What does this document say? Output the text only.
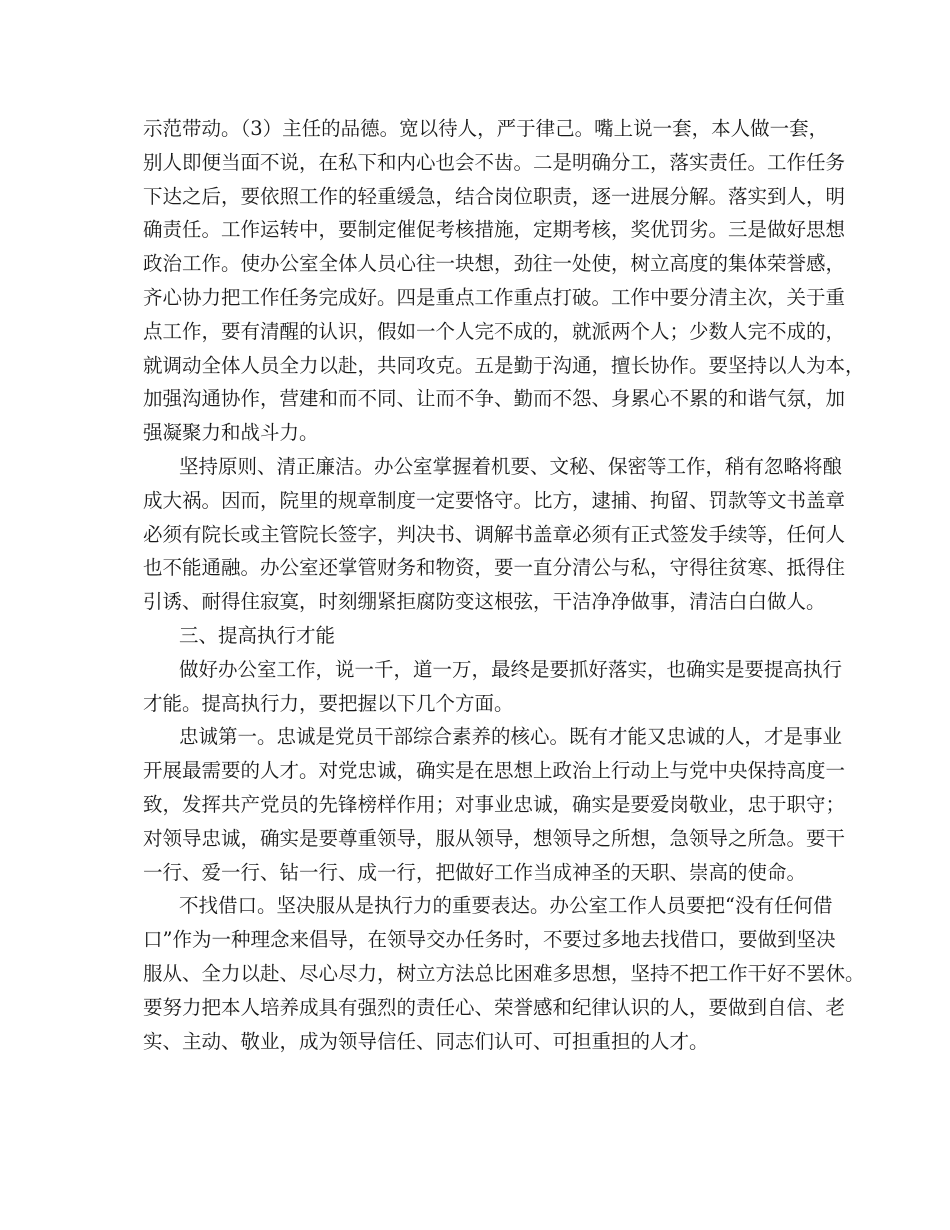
示范带动。（3）主任的品德。宽以待人，严于律己。嘴上说一套，本人做一套，
别人即便当面不说，在私下和内心也会不齿。二是明确分工，落实责任。工作任务
下达之后，要依照工作的轻重缓急，结合岗位职责，逐一进展分解。落实到人，明
确责任。工作运转中，要制定催促考核措施，定期考核，奖优罚劣。三是做好思想
政治工作。使办公室全体人员心往一块想，劲往一处使，树立高度的集体荣誉感，
齐心协力把工作任务完成好。四是重点工作重点打破。工作中要分清主次，关于重
点工作，要有清醒的认识，假如一个人完不成的，就派两个人；少数人完不成的，
就调动全体人员全力以赴，共同攻克。五是勤于沟通，擅长协作。要坚持以人为本，
加强沟通协作，营建和而不同、让而不争、勤而不怨、身累心不累的和谐气氛，加
强凝聚力和战斗力。
坚持原则、清正廉洁。办公室掌握着机要、文秘、保密等工作，稍有忽略将酿
成大祸。因而，院里的规章制度一定要恪守。比方，逮捕、拘留、罚款等文书盖章
必须有院长或主管院长签字，判决书、调解书盖章必须有正式签发手续等，任何人
也不能通融。办公室还掌管财务和物资，要一直分清公与私，守得往贫寒、抵得住
引诱、耐得住寂寞，时刻绷紧拒腐防变这根弦，干洁净净做事，清洁白白做人。
三、提高执行才能
做好办公室工作，说一千，道一万，最终是要抓好落实，也确实是要提高执行
才能。提高执行力，要把握以下几个方面。
忠诚第一。忠诚是党员干部综合素养的核心。既有才能又忠诚的人，才是事业
开展最需要的人才。对党忠诚，确实是在思想上政治上行动上与党中央保持高度一
致，发挥共产党员的先锋榜样作用；对事业忠诚，确实是要爱岗敬业，忠于职守；
对领导忠诚，确实是要尊重领导，服从领导，想领导之所想，急领导之所急。要干
一行、爱一行、钻一行、成一行，把做好工作当成神圣的天职、崇高的使命。
不找借口。坚决服从是执行力的重要表达。办公室工作人员要把“没有任何借
口”作为一种理念来倡导，在领导交办任务时，不要过多地去找借口，要做到坚决
服从、全力以赴、尽心尽力，树立方法总比困难多思想，坚持不把工作干好不罢休。
要努力把本人培养成具有强烈的责任心、荣誉感和纪律认识的人，要做到自信、老
实、主动、敬业，成为领导信任、同志们认可、可担重担的人才。
